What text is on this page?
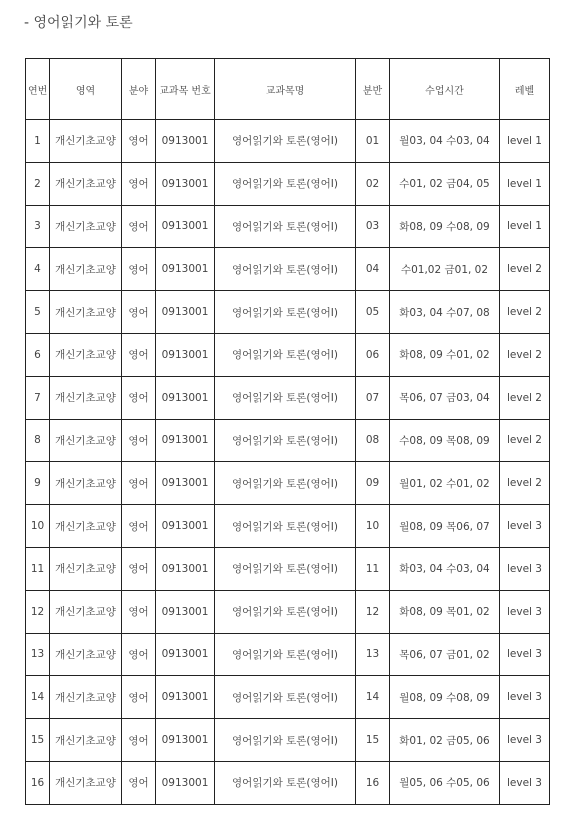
- 영어읽기와 토론
연번	영역	분야	교과목 번호	교과목명	분반	수업시간	레벨
1	개신기초교양	영어	0913001	영어읽기와 토론(영어I)	01	월03, 04 수03, 04	level 1
2	개신기초교양	영어	0913001	영어읽기와 토론(영어I)	02	수01, 02 금04, 05	level 1
3	개신기초교양	영어	0913001	영어읽기와 토론(영어I)	03	화08, 09 수08, 09	level 1
4	개신기초교양	영어	0913001	영어읽기와 토론(영어I)	04	수01,02 금01, 02	level 2
5	개신기초교양	영어	0913001	영어읽기와 토론(영어I)	05	화03, 04 수07, 08	level 2
6	개신기초교양	영어	0913001	영어읽기와 토론(영어I)	06	화08, 09 수01, 02	level 2
7	개신기초교양	영어	0913001	영어읽기와 토론(영어I)	07	목06, 07 금03, 04	level 2
8	개신기초교양	영어	0913001	영어읽기와 토론(영어I)	08	수08, 09 목08, 09	level 2
9	개신기초교양	영어	0913001	영어읽기와 토론(영어I)	09	월01, 02 수01, 02	level 2
10	개신기초교양	영어	0913001	영어읽기와 토론(영어I)	10	월08, 09 목06, 07	level 3
11	개신기초교양	영어	0913001	영어읽기와 토론(영어I)	11	화03, 04 수03, 04	level 3
12	개신기초교양	영어	0913001	영어읽기와 토론(영어I)	12	화08, 09 목01, 02	level 3
13	개신기초교양	영어	0913001	영어읽기와 토론(영어I)	13	목06, 07 금01, 02	level 3
14	개신기초교양	영어	0913001	영어읽기와 토론(영어I)	14	월08, 09 수08, 09	level 3
15	개신기초교양	영어	0913001	영어읽기와 토론(영어I)	15	화01, 02 금05, 06	level 3
16	개신기초교양	영어	0913001	영어읽기와 토론(영어I)	16	월05, 06 수05, 06	level 3
